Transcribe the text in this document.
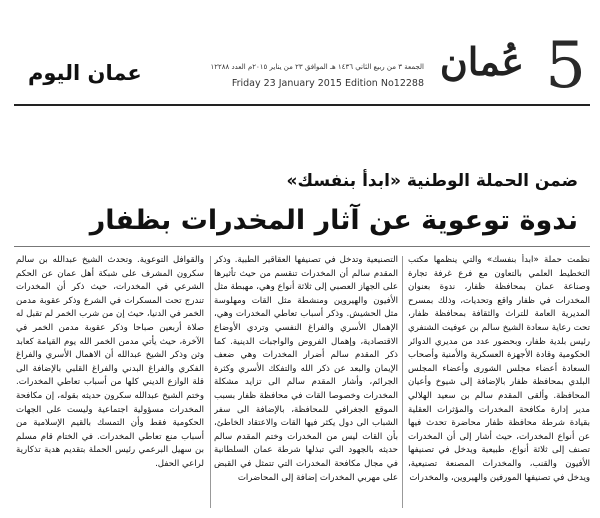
5
عُمان
الجمعة ٣ من ربيع الثاني ١٤٣٦ هـ الموافق ٢٣ من يناير ٢٠١٥م العدد ١٢٢٨٨
Friday 23 January 2015 Edition No12288
عمان اليوم
ضمن الحملة الوطنية «ابدأ بنفسك»
ندوة توعوية عن آثار المخدرات بظفار

نظمت حملة «ابدأ بنفسك» والتي ينظمها مكتب التخطيط العلمي بالتعاون مع فرع غرفة تجارة وصناعة عمان بمحافظة ظفار، ندوة بعنوان المخدرات في ظفار واقع وتحديات، وذلك بمسرح المديرية العامة للتراث والثقافة بمحافظة ظفار، تحت رعاية سعادة الشيخ سالم بن عوفيت الشنفري رئيس بلدية ظفار، وبحضور عدد من مديري الدوائر الحكومية وقادة الأجهزة العسكرية والأمنية وأصحاب السعادة أعضاء مجلس الشورى وأعضاء المجلس البلدي بمحافظة ظفار بالإضافة إلى شيوخ وأعيان المحافظة. وألقى المقدم سالم بن سعيد الهلالي مدير إدارة مكافحة المخدرات والمؤثرات العقلية بقيادة شرطة محافظة ظفار محاضرة تحدث فيها عن أنواع المخدرات، حيث أشار إلى أن المخدرات تصنف إلى ثلاثة أنواع، طبيعية ويدخل في تصنيفها الأفيون والقنب، والمخدرات المصنعة تصنيعية، ويدخل في تصنيفها المورفين والهيروين، والمخدرات

التصنيعية وتدخل في تصنيفها العقاقير الطبية. وذكر المقدم سالم أن المخدرات تنقسم من حيث تأثيرها على الجهاز العصبي إلى ثلاثة أنواع وهي، مهبطة مثل الأفيون والهيروين ومنشطة مثل القات ومهلوسة مثل الحشيش. وذكر أسباب تعاطي المخدرات وهي، الإهمال الأسري والفراغ النفسي وتردي الأوضاع الاقتصادية، وإهمال الفروض والواجبات الدينية. كما ذكر المقدم سالم أضرار المخدرات وهي ضعف الإيمان والبعد عن ذكر الله والتفكك الأسري وكثرة الجرائم، وأشار المقدم سالم الى تزايد مشكلة المخدرات وخصوصا القات في محافظة ظفار بسبب الموقع الجغرافي للمحافظة، بالإضافة الى سفر الشباب الى دول يكثر فيها القات والاعتقاد الخاطئ، بأن القات ليس من المخدرات وختم المقدم سالم حديثه بالجهود التي تبذلها شرطة عمان السلطانية في مجال مكافحة المخدرات التي تتمثل في القبض على مهربي المخدرات إضافة إلى المحاضرات

والقوافل التوعوية. وتحدث الشيخ عبدالله بن سالم سكرون المشرف على شبكة أهل عمان عن الحكم الشرعي في المخدرات، حيث ذكر أن المخدرات تندرج تحت المسكرات في الشرع وذكر عقوبة مدمن الخمر في الدنيا، حيث إن من شرب الخمر لم تقبل له صلاة أربعين صباحا وذكر عقوبة مدمن الخمر في الآخرة، حيث يأتي مدمن الخمر الله يوم القيامة كعابد وثن وذكر الشيخ عبدالله أن الاهمال الأسري والفراغ الفكري والفراغ البدني والفراغ القلبي بالإضافة الى قلة الوازع الديني كلها من أسباب تعاطي المخدرات. وختم الشيخ عبدالله سكرون حديثه بقوله، إن مكافحة المخدرات مسؤولية اجتماعية وليست على الجهات الحكومية فقط وأن التمسك بالقيم الإسلامية من أسباب منع تعاطي المخدرات. في الختام قام مسلم بن سهيل البرعمي رئيس الحملة بتقديم هدية تذكارية لراعي الحفل.
